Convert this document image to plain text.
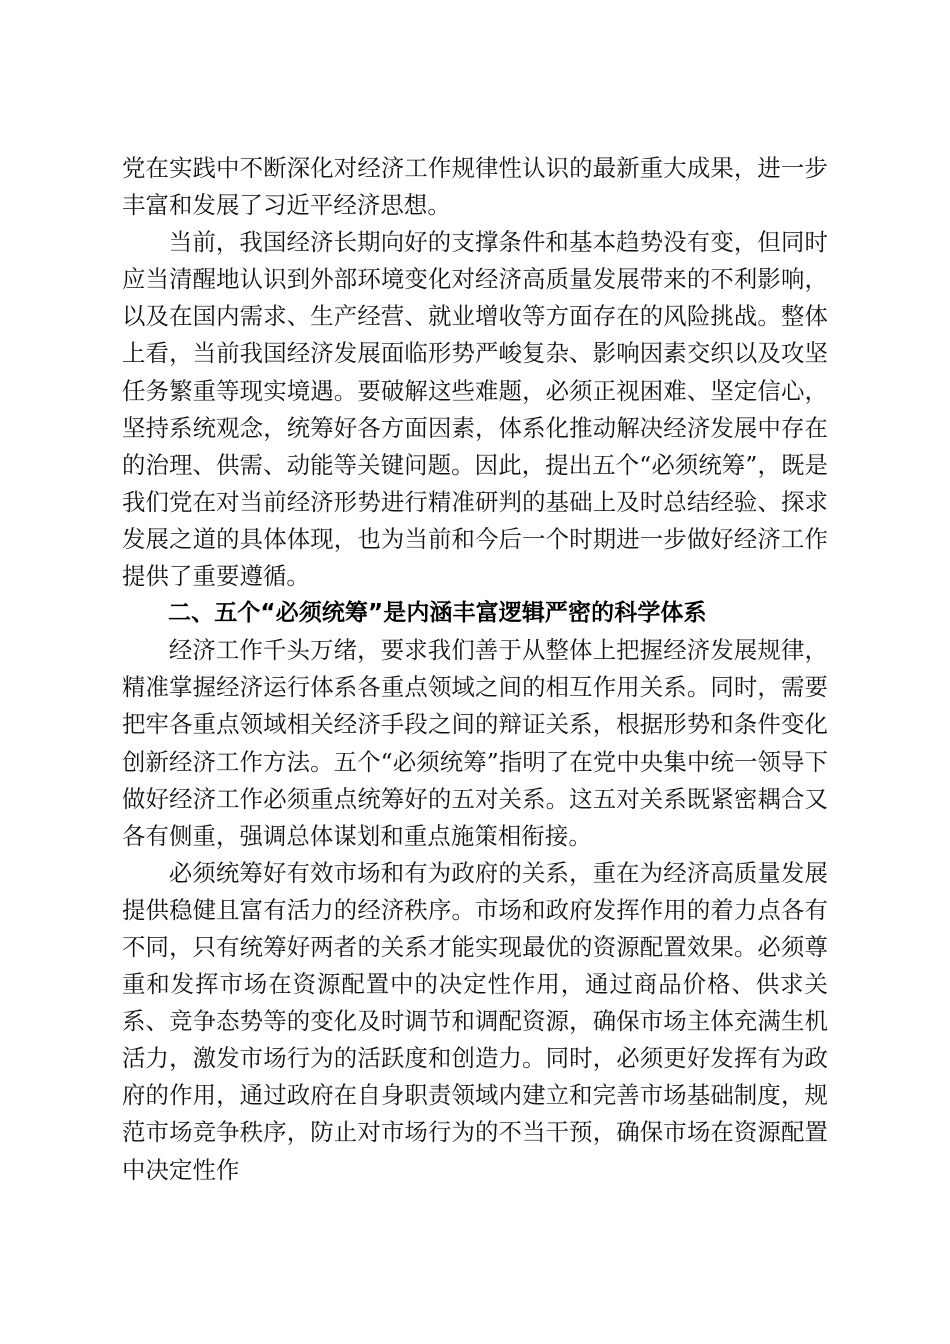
党在实践中不断深化对经济工作规律性认识的最新重大成果，进一步丰富和发展了习近平经济思想。

当前，我国经济长期向好的支撑条件和基本趋势没有变，但同时应当清醒地认识到外部环境变化对经济高质量发展带来的不利影响，以及在国内需求、生产经营、就业增收等方面存在的风险挑战。整体上看，当前我国经济发展面临形势严峻复杂、影响因素交织以及攻坚任务繁重等现实境遇。要破解这些难题，必须正视困难、坚定信心，坚持系统观念，统筹好各方面因素，体系化推动解决经济发展中存在的治理、供需、动能等关键问题。因此，提出五个“必须统筹”，既是我们党在对当前经济形势进行精准研判的基础上及时总结经验、探求发展之道的具体体现，也为当前和今后一个时期进一步做好经济工作提供了重要遵循。

二、五个“必须统筹”是内涵丰富逻辑严密的科学体系

经济工作千头万绪，要求我们善于从整体上把握经济发展规律，精准掌握经济运行体系各重点领域之间的相互作用关系。同时，需要把牢各重点领域相关经济手段之间的辩证关系，根据形势和条件变化创新经济工作方法。五个“必须统筹”指明了在党中央集中统一领导下做好经济工作必须重点统筹好的五对关系。这五对关系既紧密耦合又各有侧重，强调总体谋划和重点施策相衔接。

必须统筹好有效市场和有为政府的关系，重在为经济高质量发展提供稳健且富有活力的经济秩序。市场和政府发挥作用的着力点各有不同，只有统筹好两者的关系才能实现最优的资源配置效果。必须尊重和发挥市场在资源配置中的决定性作用，通过商品价格、供求关系、竞争态势等的变化及时调节和调配资源，确保市场主体充满生机活力，激发市场行为的活跃度和创造力。同时，必须更好发挥有为政府的作用，通过政府在自身职责领域内建立和完善市场基础制度，规范市场竞争秩序，防止对市场行为的不当干预，确保市场在资源配置中决定性作
